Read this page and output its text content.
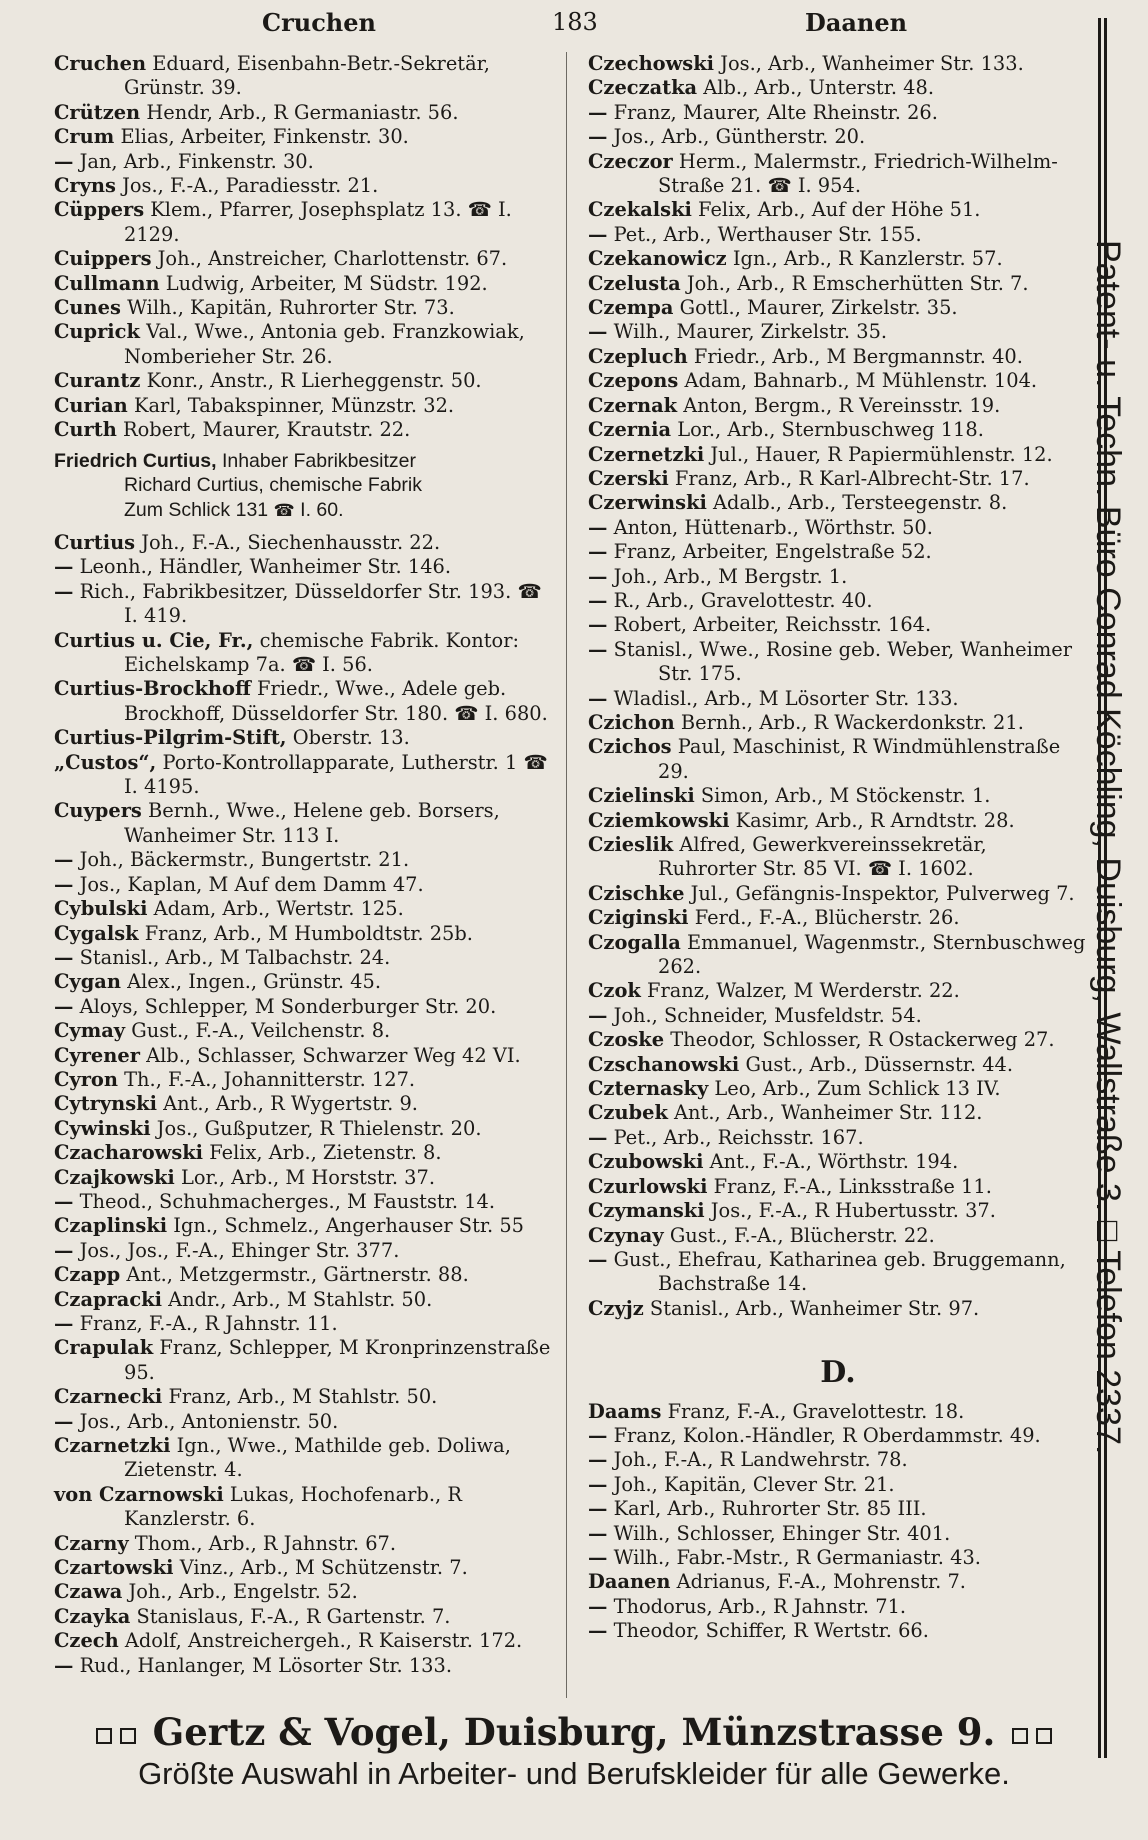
Cruchen	183	Daanen

Cruchen Eduard, Eisenbahn-Betr.-Sekretär, Grünstr. 39.

Crützen Hendr, Arb., R Germaniastr. 56.

Crum Elias, Arbeiter, Finkenstr. 30.

— Jan, Arb., Finkenstr. 30.

Cryns Jos., F.-A., Paradiesstr. 21.

Cüppers Klem., Pfarrer, Josephsplatz 13. ☎ I. 2129.

Cuippers Joh., Anstreicher, Charlottenstr. 67.

Cullmann Ludwig, Arbeiter, M Südstr. 192.

Cunes Wilh., Kapitän, Ruhrorter Str. 73.

Cuprick Val., Wwe., Antonia geb. Franzkowiak, Nomberieher Str. 26.

Curantz Konr., Anstr., R Lierheggenstr. 50.

Curian Karl, Tabakspinner, Münzstr. 32.

Curth Robert, Maurer, Krautstr. 22.

Friedrich Curtius, Inhaber Fabrikbesitzer
Richard Curtius, chemische Fabrik
Zum Schlick 131 ☎ I. 60.

Curtius Joh., F.-A., Siechenhausstr. 22.

— Leonh., Händler, Wanheimer Str. 146.

— Rich., Fabrikbesitzer, Düsseldorfer Str. 193. ☎ I. 419.

Curtius u. Cie, Fr., chemische Fabrik. Kontor: Eichelskamp 7a. ☎ I. 56.

Curtius-Brockhoff Friedr., Wwe., Adele geb. Brockhoff, Düsseldorfer Str. 180. ☎ I. 680.

Curtius-Pilgrim-Stift, Oberstr. 13.

„Custos“, Porto-Kontrollapparate, Lutherstr. 1 ☎ I. 4195.

Cuypers Bernh., Wwe., Helene geb. Borsers, Wanheimer Str. 113 I.

— Joh., Bäckermstr., Bungertstr. 21.

— Jos., Kaplan, M Auf dem Damm 47.

Cybulski Adam, Arb., Wertstr. 125.

Cygalsk Franz, Arb., M Humboldtstr. 25b.

— Stanisl., Arb., M Talbachstr. 24.

Cygan Alex., Ingen., Grünstr. 45.

— Aloys, Schlepper, M Sonderburger Str. 20.

Cymay Gust., F.-A., Veilchenstr. 8.

Cyrener Alb., Schlasser, Schwarzer Weg 42 VI.

Cyron Th., F.-A., Johannitterstr. 127.

Cytrynski Ant., Arb., R Wygertstr. 9.

Cywinski Jos., Gußputzer, R Thielenstr. 20.

Czacharowski Felix, Arb., Zietenstr. 8.

Czajkowski Lor., Arb., M Horststr. 37.

— Theod., Schuhmacherges., M Fauststr. 14.

Czaplinski Ign., Schmelz., Angerhauser Str. 55

— Jos., Jos., F.-A., Ehinger Str. 377.

Czapp Ant., Metzgermstr., Gärtnerstr. 88.

Czapracki Andr., Arb., M Stahlstr. 50.

— Franz, F.-A., R Jahnstr. 11.

Crapulak Franz, Schlepper, M Kronprinzenstraße 95.

Czarnecki Franz, Arb., M Stahlstr. 50.

— Jos., Arb., Antonienstr. 50.

Czarnetzki Ign., Wwe., Mathilde geb. Doliwa, Zietenstr. 4.

von Czarnowski Lukas, Hochofenarb., R Kanzlerstr. 6.

Czarny Thom., Arb., R Jahnstr. 67.

Czartowski Vinz., Arb., M Schützenstr. 7.

Czawa Joh., Arb., Engelstr. 52.

Czayka Stanislaus, F.-A., R Gartenstr. 7.

Czech Adolf, Anstreichergeh., R Kaiserstr. 172.

— Rud., Hanlanger, M Lösorter Str. 133.

Czechowski Jos., Arb., Wanheimer Str. 133.

Czeczatka Alb., Arb., Unterstr. 48.

— Franz, Maurer, Alte Rheinstr. 26.

— Jos., Arb., Güntherstr. 20.

Czeczor Herm., Malermstr., Friedrich-Wilhelm-Straße 21. ☎ I. 954.

Czekalski Felix, Arb., Auf der Höhe 51.

— Pet., Arb., Werthauser Str. 155.

Czekanowicz Ign., Arb., R Kanzlerstr. 57.

Czelusta Joh., Arb., R Emscherhütten Str. 7.

Czempa Gottl., Maurer, Zirkelstr. 35.

— Wilh., Maurer, Zirkelstr. 35.

Czepluch Friedr., Arb., M Bergmannstr. 40.

Czepons Adam, Bahnarb., M Mühlenstr. 104.

Czernak Anton, Bergm., R Vereinsstr. 19.

Czernia Lor., Arb., Sternbuschweg 118.

Czernetzki Jul., Hauer, R Papiermühlenstr. 12.

Czerski Franz, Arb., R Karl-Albrecht-Str. 17.

Czerwinski Adalb., Arb., Tersteegenstr. 8.

— Anton, Hüttenarb., Wörthstr. 50.

— Franz, Arbeiter, Engelstraße 52.

— Joh., Arb., M Bergstr. 1.

— R., Arb., Gravelottestr. 40.

— Robert, Arbeiter, Reichsstr. 164.

— Stanisl., Wwe., Rosine geb. Weber, Wanheimer Str. 175.

— Wladisl., Arb., M Lösorter Str. 133.

Czichon Bernh., Arb., R Wackerdonkstr. 21.

Czichos Paul, Maschinist, R Windmühlenstraße 29.

Czielinski Simon, Arb., M Stöckenstr. 1.

Cziemkowski Kasimr, Arb., R Arndtstr. 28.

Czieslik Alfred, Gewerkvereinssekretär, Ruhrorter Str. 85 VI. ☎ I. 1602.

Czischke Jul., Gefängnis-Inspektor, Pulverweg 7.

Cziginski Ferd., F.-A., Blücherstr. 26.

Czogalla Emmanuel, Wagenmstr., Sternbuschweg 262.

Czok Franz, Walzer, M Werderstr. 22.

— Joh., Schneider, Musfeldstr. 54.

Czoske Theodor, Schlosser, R Ostackerweg 27.

Czschanowski Gust., Arb., Düssernstr. 44.

Czternasky Leo, Arb., Zum Schlick 13 IV.

Czubek Ant., Arb., Wanheimer Str. 112.

— Pet., Arb., Reichsstr. 167.

Czubowski Ant., F.-A., Wörthstr. 194.

Czurlowski Franz, F.-A., Linksstraße 11.

Czymanski Jos., F.-A., R Hubertusstr. 37.

Czynay Gust., F.-A., Blücherstr. 22.

— Gust., Ehefrau, Katharinea geb. Bruggemann, Bachstraße 14.

Czyjz Stanisl., Arb., Wanheimer Str. 97.

D.

Daams Franz, F.-A., Gravelottestr. 18.

— Franz, Kolon.-Händler, R Oberdammstr. 49.

— Joh., F.-A., R Landwehrstr. 78.

— Joh., Kapitän, Clever Str. 21.

— Karl, Arb., Ruhrorter Str. 85 III.

— Wilh., Schlosser, Ehinger Str. 401.

— Wilh., Fabr.-Mstr., R Germaniastr. 43.

Daanen Adrianus, F.-A., Mohrenstr. 7.

— Thodorus, Arb., R Jahnstr. 71.

— Theodor, Schiffer, R Wertstr. 66.

Patent- u. Techn. Büro Conrad Köchling, Duisburg, Wallstraße 3. □ Telefon 2337.
Gertz & Vogel, Duisburg, Münzstrasse 9.
Größte Auswahl in Arbeiter- und Berufskleider für alle Gewerke.
